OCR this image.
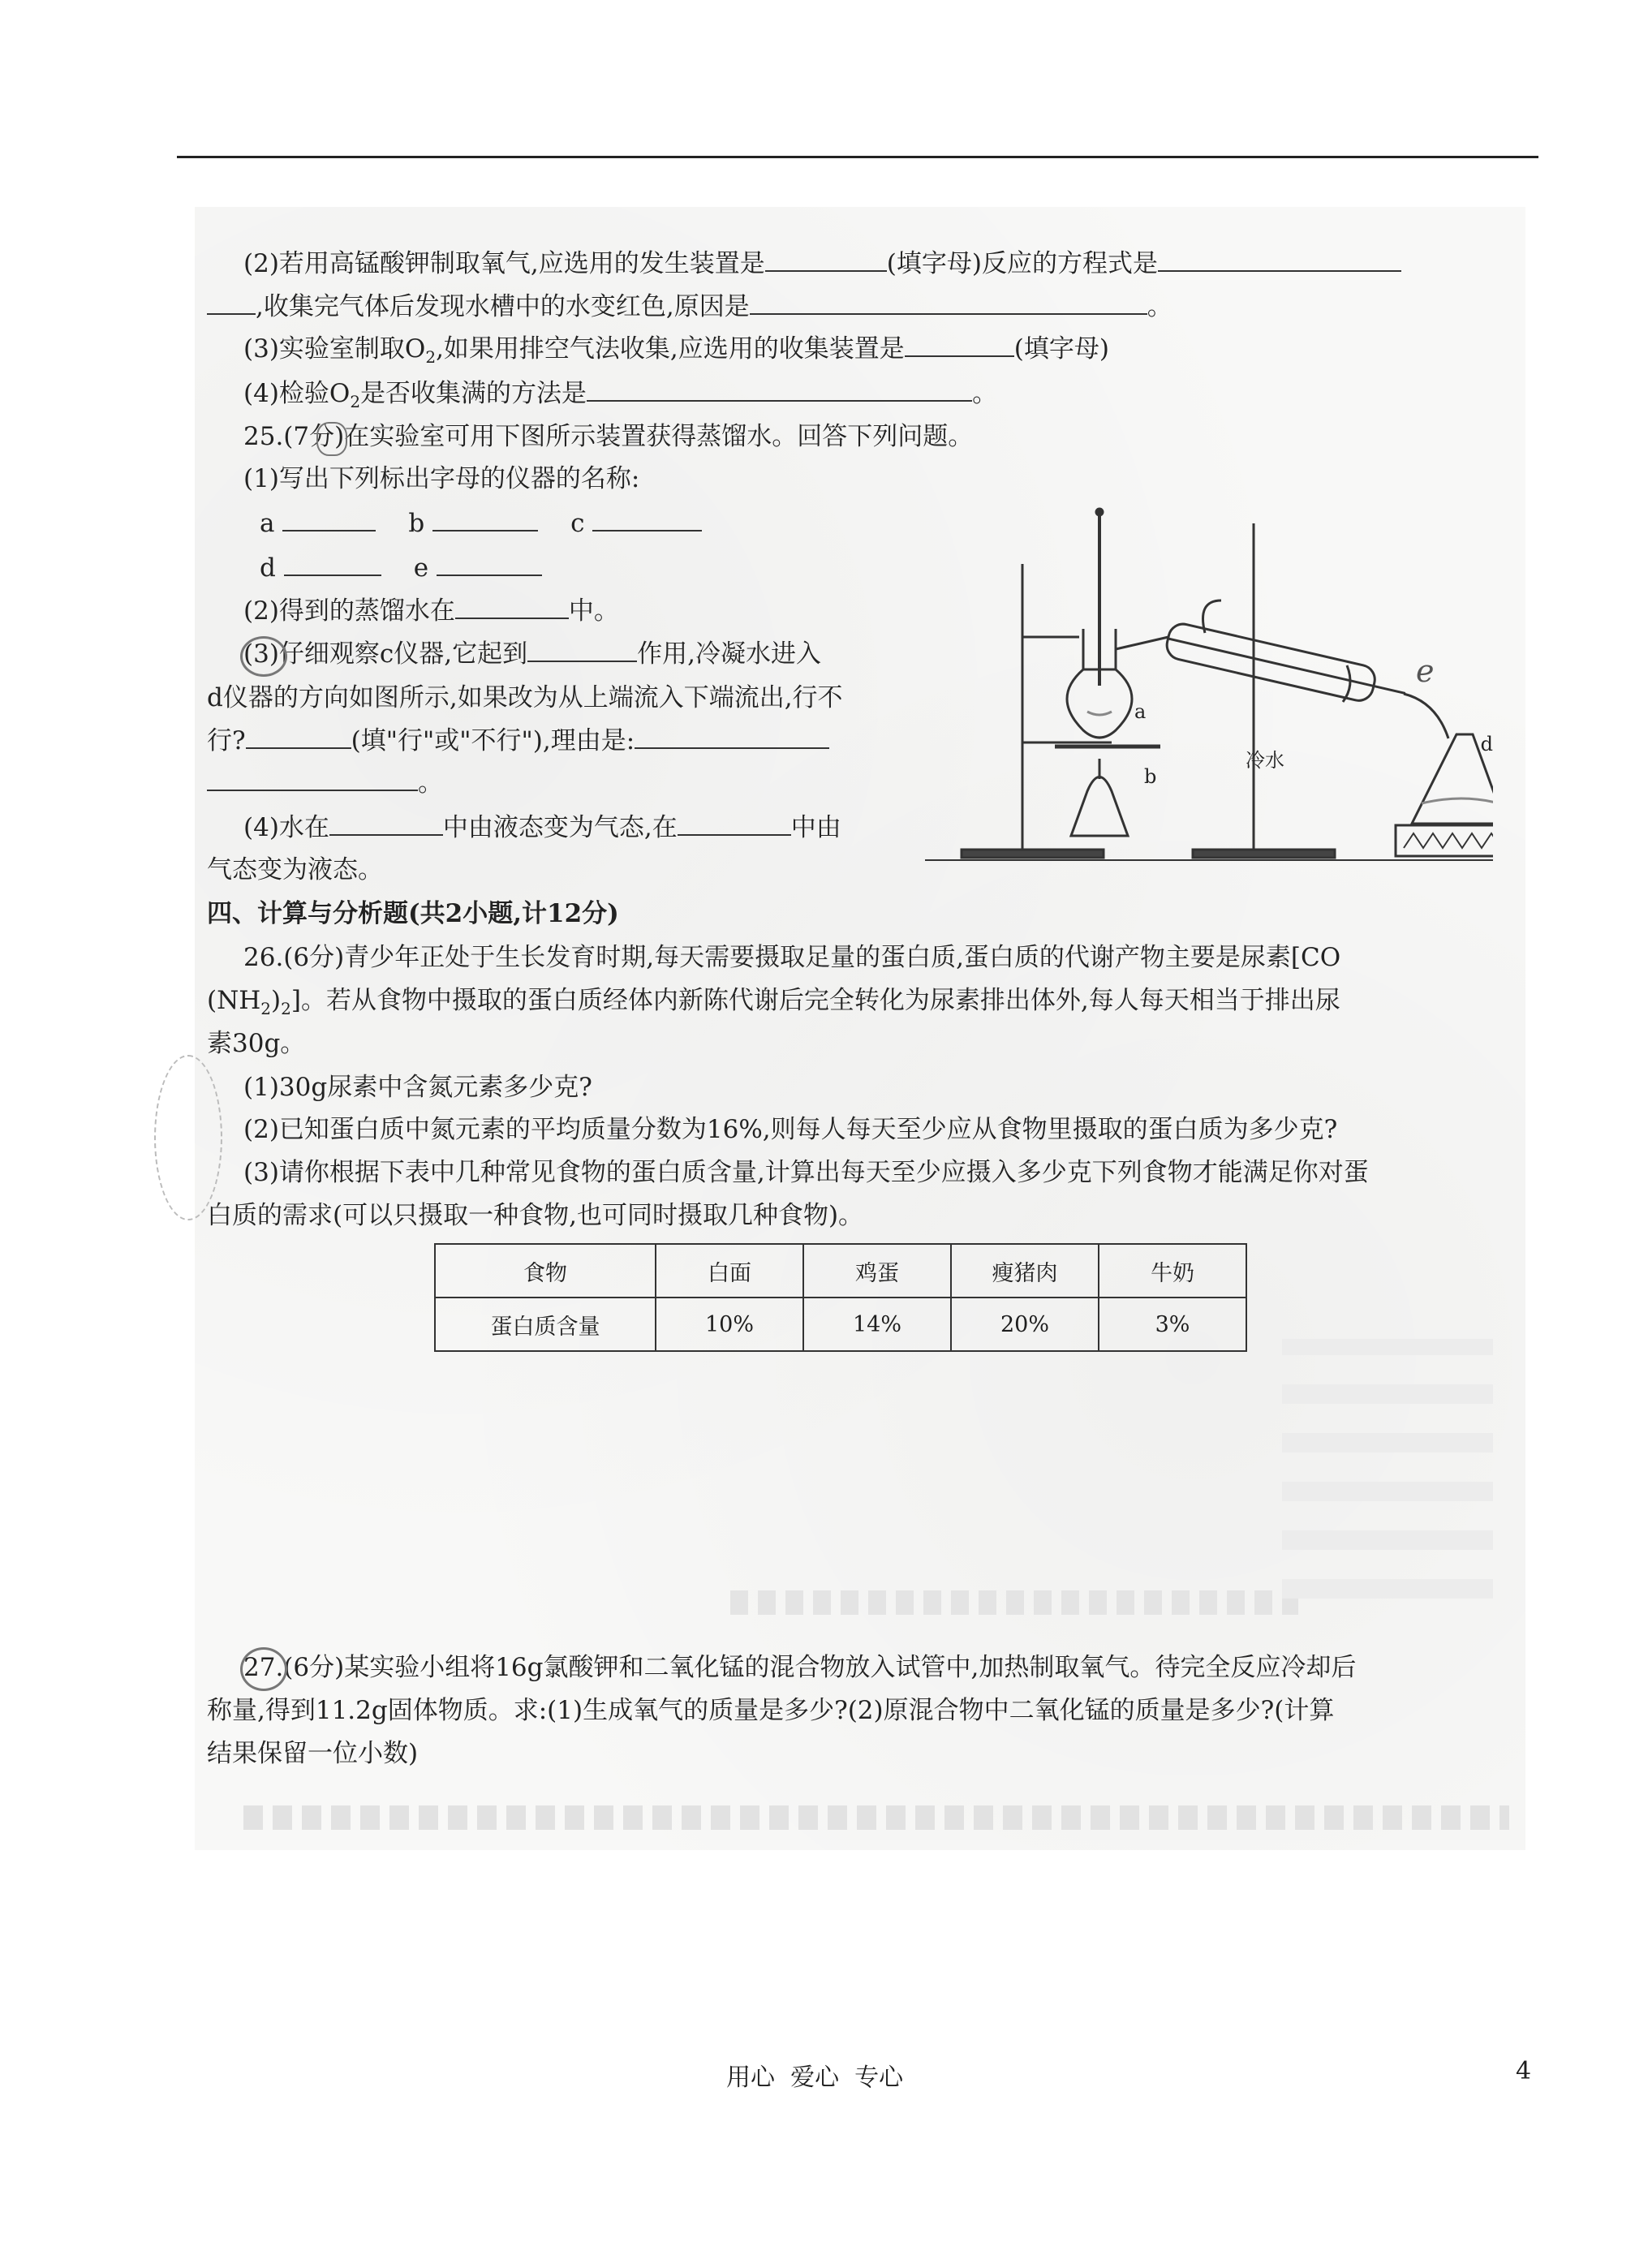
(2)若用高锰酸钾制取氧气,应选用的发生装置是	(填字母)反应的方程式是
,收集完气体后发现水槽中的水变红色,原因是	。
(3)实验室制取$O_2$,如果用排空气法收集,应选用的收集装置是	(填字母)
(4)检验$O_2$是否收集满的方法是	。
25.(7分)在实验室可用下图所示装置获得蒸馏水。回答下列问题。
(1)写出下列标出字母的仪器的名称:
a	b	c
d	e
(2)得到的蒸馏水在	中。
(3)仔细观察c仪器,它起到	作用,冷凝水进入
d仪器的方向如图所示,如果改为从上端流入下端流出,行不
行?	(填"行"或"不行"),理由是:
。
(4)水在	中由液态变为气态,在	中由
气态变为液态。
a
b
d
e
冷水
四、计算与分析题(共2小题,计12分)
26.(6分)青少年正处于生长发育时期,每天需要摄取足量的蛋白质,蛋白质的代谢产物主要是尿素[CO
$(NH_2)_2$]。若从食物中摄取的蛋白质经体内新陈代谢后完全转化为尿素排出体外,每人每天相当于排出尿
素30g。
(1)30g尿素中含氮元素多少克?
(2)已知蛋白质中氮元素的平均质量分数为16%,则每人每天至少应从食物里摄取的蛋白质为多少克?
(3)请你根据下表中几种常见食物的蛋白质含量,计算出每天至少应摄入多少克下列食物才能满足你对蛋
白质的需求(可以只摄取一种食物,也可同时摄取几种食物)。
食物	白面	鸡蛋	瘦猪肉	牛奶
蛋白质含量	10%	14%	20%	3%
27.(6分)某实验小组将16g氯酸钾和二氧化锰的混合物放入试管中,加热制取氧气。待完全反应冷却后
称量,得到11.2g固体物质。求:(1)生成氧气的质量是多少?(2)原混合物中二氧化锰的质量是多少?(计算
结果保留一位小数)
用心  爱心  专心	4
